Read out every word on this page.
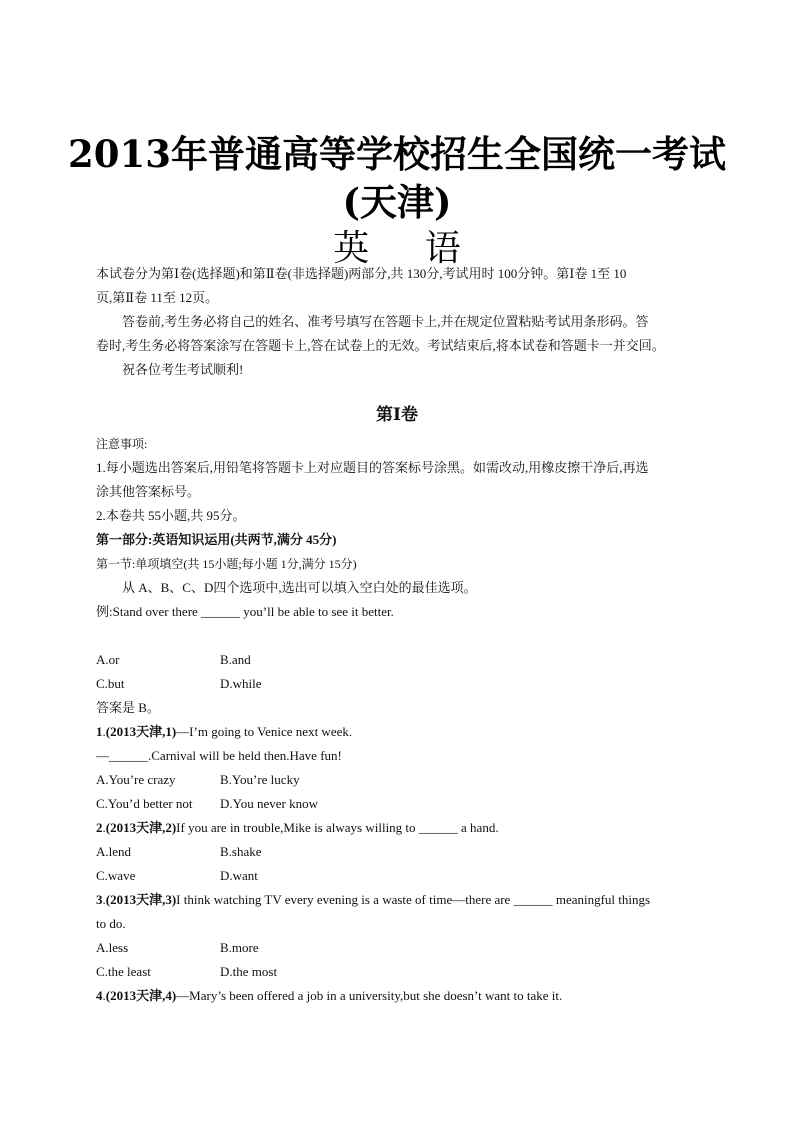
2013年普通高等学校招生全国统一考试
(天津)
英 语
本试卷分为第Ⅰ卷(选择题)和第Ⅱ卷(非选择题)两部分,共 130分,考试用时 100分钟。第Ⅰ卷 1至 10
页,第Ⅱ卷 11至 12页。
答卷前,考生务必将自己的姓名、准考号填写在答题卡上,并在规定位置粘贴考试用条形码。答
卷时,考生务必将答案涂写在答题卡上,答在试卷上的无效。考试结束后,将本试卷和答题卡一并交回。
祝各位考生考试顺利!
第Ⅰ卷
注意事项:
1.每小题选出答案后,用铅笔将答题卡上对应题目的答案标号涂黑。如需改动,用橡皮擦干净后,再选
涂其他答案标号。
2.本卷共 55小题,共 95分。
第一部分:英语知识运用(共两节,满分 45分)
第一节:单项填空(共 15小题;每小题 1分,满分 15分)
从 A、B、C、D四个选项中,选出可以填入空白处的最佳选项。
例:Stand over there ______ you’ll be able to see it better.
A.or	B.and
C.but	D.while
答案是 B。
1.(2013天津,1)—I’m going to Venice next week.
—______.Carnival will be held then.Have fun!
A.You’re crazy	B.You’re lucky
C.You’d better not D.You never know
2.(2013天津,2)If you are in trouble,Mike is always willing to ______ a hand.
A.lend	B.shake
C.wave	D.want
3.(2013天津,3)I think watching TV every evening is a waste of time—there are ______ meaningful things
to do.
A.less	B.more
C.the least	D.the most
4.(2013天津,4)—Mary’s been offered a job in a university,but she doesn’t want to take it.
